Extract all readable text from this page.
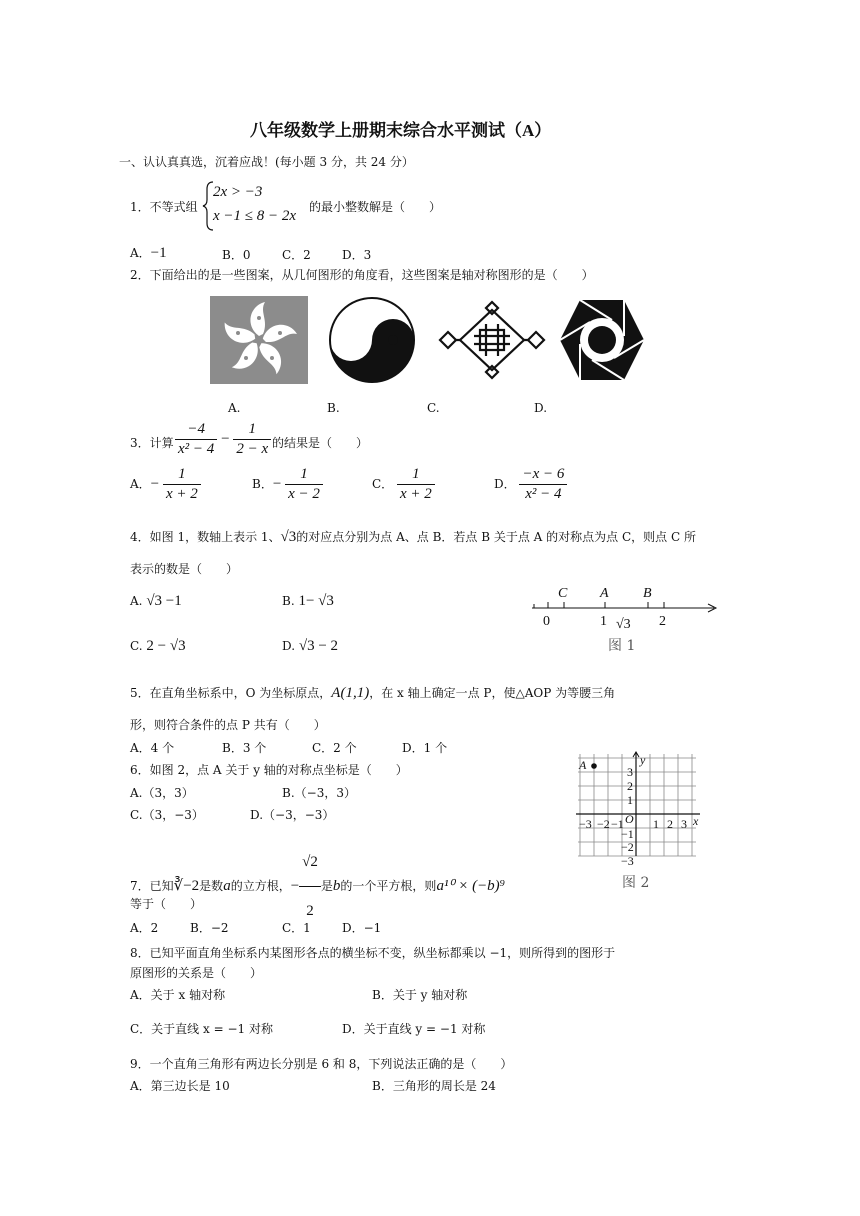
八年级数学上册期末综合水平测试（A）
一、认认真真选，沉着应战！(每小题 3 分，共 24 分）
1．不等式组
2x > −3
x −1 ≤ 8 − 2x
的最小整数解是（　　）
A．−1	B．0	C．2	D．3
2．下面给出的是一些图案，从几何图形的角度看，这些图案是轴对称图形的是（　　）
A.	B.	C.	D.
3．计算 $\frac{-4}{\text{x² − 4}} - \frac{1}{2 - x}$ 的结果是（　　）
A．− $\frac{1}{x + 2}$	B．− $\frac{1}{x - 2}$	C． $\frac{1}{x + 2}$	D． $\frac{-x - 6}{\text{x² − 4}}$
4．如图 1，数轴上表示 1、√3的对应点分别为点 A、点 B．若点 B 关于点 A 的对称点为点 C，则点 C 所
表示的数是（　　）
A. √3 −1	B. 1− √3
C. 2 − √3	D. √3 − 2
C A B
0	1 √3 2
图 1
5．在直角坐标系中，O 为坐标原点，A(1,1)，在 x 轴上确定一点 P，使△AOP 为等腰三角
形，则符合条件的点 P 共有（　　）
A．4 个	B．3 个	C．2 个	D．1 个
6．如图 2，点 A 关于 y 轴的对称点坐标是（　　）
A.（3，3）	B.（−3，3）
C.（3，−3）	D.（−3，−3）
A	y
x
O
−3 −2 −1 1 2 3
3
2
1
−1
−2
−3
图 2
7．已知∛−2是数a的立方根，− $\frac{√2}{2}$ 是b的一个平方根，则a¹⁰ × (−b)⁹
等于（　　）
A．2	B．−2	C．1	D．−1
8．已知平面直角坐标系内某图形各点的横坐标不变，纵坐标都乘以 −1，则所得到的图形于
原图形的关系是（　　）
A．关于 x 轴对称	B．关于 y 轴对称
C．关于直线 x = −1 对称	D．关于直线 y = −1 对称
9．一个直角三角形有两边长分别是 6 和 8，下列说法正确的是（　　）
A．第三边长是 10	B．三角形的周长是 24
